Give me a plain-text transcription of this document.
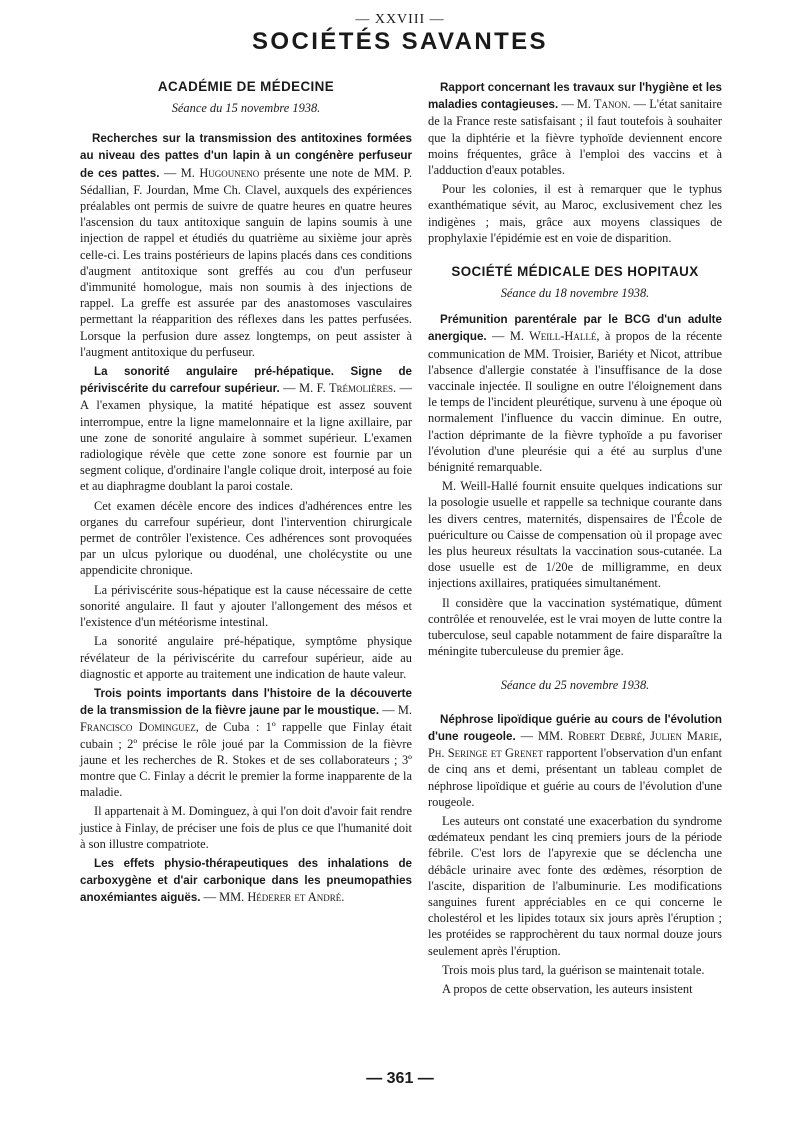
— XXVIII —
SOCIÉTÉS SAVANTES
ACADÉMIE DE MÉDECINE
Séance du 15 novembre 1938.

Recherches sur la transmission des antitoxines formées au niveau des pattes d'un lapin à un congénère perfuseur de ces pattes. — M. Hugouneno présente une note de MM. P. Sédallian, F. Jourdan, Mme Ch. Clavel, auxquels des expériences préalables ont permis de suivre de quatre heures en quatre heures l'ascension du taux antitoxique sanguin de lapins soumis à une injection de rappel et étudiés du quatrième au sixième jour après celle-ci. Les trains postérieurs de lapins placés dans ces conditions d'augment antitoxique sont greffés au cou d'un perfuseur d'immunité homologue, mais non soumis à des injections de rappel. La greffe est assurée par des anastomoses vasculaires permettant la réapparition des réflexes dans les pattes perfusées. Lorsque la perfusion dure assez longtemps, on peut assister à l'augment antitoxique du perfuseur.

La sonorité angulaire pré-hépatique. Signe de périviscérite du carrefour supérieur. — M. F. Trémolières. — A l'examen physique, la matité hépatique est assez souvent interrompue, entre la ligne mamelonnaire et la ligne axillaire, par une zone de sonorité angulaire à sommet supérieur. L'examen radiologique révèle que cette zone sonore est fournie par un segment colique, d'ordinaire l'angle colique droit, interposé au foie et au diaphragme doublant la paroi costale.

Cet examen décèle encore des indices d'adhérences entre les organes du carrefour supérieur, dont l'intervention chirurgicale permet de contrôler l'existence. Ces adhérences sont provoquées par un ulcus pylorique ou duodénal, une cholécystite ou une appendicite chronique.

La périviscérite sous-hépatique est la cause nécessaire de cette sonorité angulaire. Il faut y ajouter l'allongement des mésos et l'existence d'un météorisme intestinal.

La sonorité angulaire pré-hépatique, symptôme physique révélateur de la périviscérite du carrefour supérieur, aide au diagnostic et apporte au traitement une indication de haute valeur.

Trois points importants dans l'histoire de la découverte de la transmission de la fièvre jaune par le moustique. — M. Francisco Dominguez, de Cuba : 1º rappelle que Finlay était cubain ; 2º précise le rôle joué par la Commission de la fièvre jaune et les recherches de R. Stokes et de ses collaborateurs ; 3º montre que C. Finlay a décrit le premier la forme inapparente de la maladie.

Il appartenait à M. Dominguez, à qui l'on doit d'avoir fait rendre justice à Finlay, de préciser une fois de plus ce que l'humanité doit à son illustre compatriote.

Les effets physio-thérapeutiques des inhalations de carboxygène et d'air carbonique dans les pneumopathies anoxémiantes aiguës. — MM. Héderer et André.

Rapport concernant les travaux sur l'hygiène et les maladies contagieuses. — M. Tanon. — L'état sanitaire de la France reste satisfaisant ; il faut toutefois à souhaiter que la diphtérie et la fièvre typhoïde deviennent encore moins fréquentes, grâce à l'emploi des vaccins et à l'adduction d'eaux potables.

Pour les colonies, il est à remarquer que le typhus exanthématique sévit, au Maroc, exclusivement chez les indigènes ; mais, grâce aux moyens classiques de prophylaxie l'épidémie est en voie de disparition.

SOCIÉTÉ MÉDICALE DES HOPITAUX
Séance du 18 novembre 1938.

Prémunition parentérale par le BCG d'un adulte anergique. — M. Weill-Hallé, à propos de la récente communication de MM. Troisier, Bariéty et Nicot, attribue l'absence d'allergie constatée à l'insuffisance de la dose vaccinale injectée. Il souligne en outre l'éloignement dans le temps de l'incident pleurétique, survenu à une époque où normalement l'influence du vaccin diminue. En outre, l'action déprimante de la fièvre typhoïde a pu favoriser l'évolution d'une pleurésie qui a été au surplus d'une bénignité remarquable.

M. Weill-Hallé fournit ensuite quelques indications sur la posologie usuelle et rappelle sa technique courante dans les divers centres, maternités, dispensaires de l'École de puériculture ou Caisse de compensation où il propage avec les plus heureux résultats la vaccination sous-cutanée. La dose usuelle est de 1/20e de milligramme, en deux injections axillaires, pratiquées simultanément.

Il considère que la vaccination systématique, dûment contrôlée et renouvelée, est le vrai moyen de lutte contre la tuberculose, seul capable notamment de faire disparaître la méningite tuberculeuse du premier âge.

Séance du 25 novembre 1938.

Néphrose lipoïdique guérie au cours de l'évolution d'une rougeole. — MM. Robert Debré, Julien Marie, Ph. Seringe et Grenet rapportent l'observation d'un enfant de cinq ans et demi, présentant un tableau complet de néphrose lipoïdique et guérie au cours de l'évolution d'une rougeole.

Les auteurs ont constaté une exacerbation du syndrome œdémateux pendant les cinq premiers jours de la période fébrile. C'est lors de l'apyrexie que se déclencha une débâcle urinaire avec fonte des œdèmes, résorption de l'ascite, disparition de l'albuminurie. Les modifications sanguines furent appréciables en ce qui concerne le cholestérol et les lipides totaux six jours après l'éruption ; les protéides se rapprochèrent du taux normal douze jours seulement après l'éruption.

Trois mois plus tard, la guérison se maintenait totale.

A propos de cette observation, les auteurs insistent

— 361 —
